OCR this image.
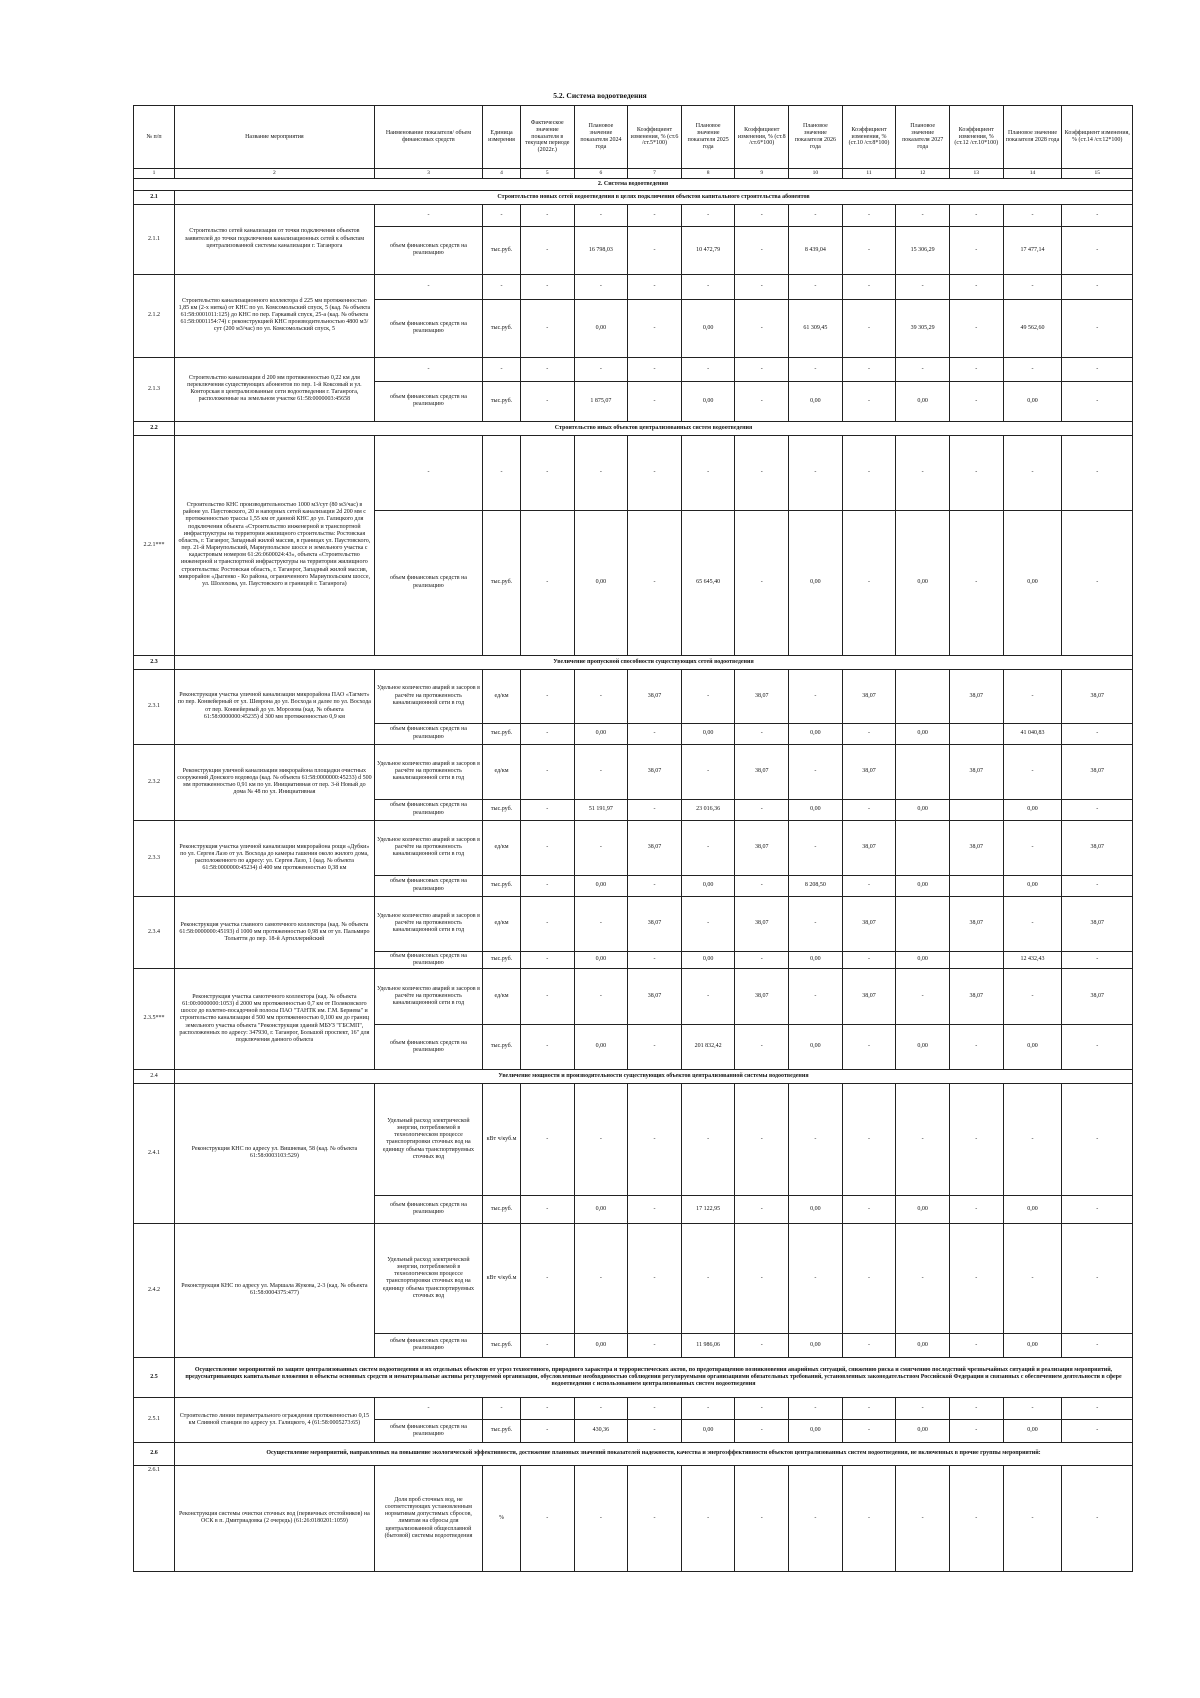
5.2. Система водоотведения
№ п/п	Название мероприятия	Наименование показателя/ объем финансовых средств	Единица измерения	Фактическое значение показателя в текущем периоде (2022г.)	Плановое значение показателя 2024 года	Коэффициент изменения, % (ст.6 /ст.5*100)	Плановое значение показателя 2025 года	Коэффициент изменения, % (ст.8 /ст.6*100)	Плановое значение показателя 2026 года	Коэффициент изменения, % (ст.10 /ст.8*100)	Плановое значение показателя 2027 года	Коэффициент изменения, % (ст.12 /ст.10*100)	Плановое значение показателя 2028 года	Коэффициент изменения, % (ст.14 /ст.12*100)
1	2	3	4	5	6	7	8	9	10	11	12	13	14	15
2. Система водоотведения														
2.1	Строительство новых сетей водоотведения в целях подключения объектов капитального строительства абонентов													
2.1.1	Строительство сетей канализации от точки подключения объектов заявителей до точки подключения канализационных сетей к объектам централизованной системы канализации г. Таганрога	-	-	-	-	-	-	-	-	-	-	-	-	-
		объем финансовых средств на реализацию	тыс.руб.	-	16 798,03	-	10 472,79	-	8 439,04	-	15 306,29	-	17 477,14	-
2.1.2	Строительство канализационного коллектора d 225 мм протяженностью 1,85 км (2-х нитка) от КНС по ул. Комсомольский спуск, 5 (кад. № объекта 61:58:0001011:125) до КНС по пер. Гаркавый спуск, 25-а (кад. № объекта 61:58:0001154:74) с реконструкцией КНС производительностью 4800 м3/сут (200 м3/час) по ул. Комсомольский спуск, 5	-	-	-	-	-	-	-	-	-	-	-	-	-
		объем финансовых средств на реализацию	тыс.руб.	-	0,00	-	0,00	-	61 309,45	-	39 305,29	-	49 562,60	-
2.1.3	Строительство канализации d 200 мм протяженностью 0,22 км для переключения существующих абонентов по пер. 1-й Коксовый и ул. Конторская в централизованные сети водоотведения г. Таганрога, расположенные на земельном участке 61:58:0000003:45658	-	-	-	-	-	-	-	-	-	-	-	-	-
		объем финансовых средств на реализацию	тыс.руб.	-	1 875,07	-	0,00	-	0,00	-	0,00	-	0,00	-
2.2	Строительство иных объектов централизованных систем водоотведения													
2.2.1***	Строительство КНС производительностью 1000 м3/сут (80 м3/час) в районе ул. Паустовского, 20 и напорных сетей канализации 2d 200 мм с протяженностью трассы 1,55 км от данной КНС до ул. Галицкого для подключения объекта «Строительство инженерной и транспортной инфраструктуры на территории жилищного строительства: Ростовская область, г. Таганрог, Западный жилой массив, в границах ул. Паустовского, пер. 21-й Мариупольский, Мариупольское шоссе и земельного участка с кадастровым номером 61:26:0600024:43», объекта «Строительство инженерной и транспортной инфраструктуры на территории жилищного строительства: Ростовская область, г. Таганрог, Западный жилой массив, микрорайон «Дыгенко - Ко района, ограниченного Мариупольским шоссе, ул. Шолохова, ул. Паустовского и границей г. Таганрога)	-	-	-	-	-	-	-	-	-	-	-	-	-
		объем финансовых средств на реализацию	тыс.руб.	-	0,00	-	65 645,40	-	0,00	-	0,00	-	0,00	-
2.3	Увеличение пропускной способности существующих сетей водоотведения													
2.3.1	Реконструкция участка уличной канализации микрорайона ПАО «Тагмет» по пер. Конвейерный от ул. Шеврона до ул. Восхода и далее по ул. Восхода от пер. Конвейерный до ул. Морозова (кад. № объекта 61:58:0000000:45235) d 300 мм протяженностью 0,9 км	Удельное количество аварий и засоров в расчёте на протяженность канализационной сети в год	ед/км	-	-	38,07	-	38,07	-	38,07		38,07	-	38,07
		объем финансовых средств на реализацию	тыс.руб.	-	0,00	-	0,00	-	0,00	-	0,00		41 040,83	-
2.3.2	Реконструкция уличной канализации микрорайона площадки очистных сооружений Донского водовода (кад. № объекта 61:58:0000000:45233) d 500 мм протяженностью 0,91 км по ул. Инициативная от пер. 3-й Новый до дома № 48 по ул. Инициативная	Удельное количество аварий и засоров в расчёте на протяженность канализационной сети в год	ед/км	-	-	38,07	-	38,07	-	38,07		38,07	-	38,07
		объем финансовых средств на реализацию	тыс.руб.	-	51 191,97	-	23 016,36	-	0,00	-	0,00		0,00	-
2.3.3	Реконструкция участка уличной канализации микрорайона рощи «Дубки» по ул. Сергея Лазо от ул. Восхода до камеры гашения около жилого дома, расположенного по адресу: ул. Сергея Лазо, 1 (кад. № объекта 61:58:0000000:45234) d 400 мм протяженностью 0,38 км	Удельное количество аварий и засоров в расчёте на протяженность канализационной сети в год	ед/км	-	-	38,07	-	38,07	-	38,07		38,07	-	38,07
		объем финансовых средств на реализацию	тыс.руб.	-	0,00	-	0,00	-	8 208,50	-	0,00		0,00	-
2.3.4	Реконструкция участка главного самотечного коллектора (кад. № объекта 61:58:0000000:45193) d 1000 мм протяженностью 0,98 км от ул. Пальмиро Тольятти до пер. 18-й Артиллерийский	Удельное количество аварий и засоров в расчёте на протяженность канализационной сети в год	ед/км	-	-	38,07	-	38,07	-	38,07		38,07	-	38,07
		объем финансовых средств на реализацию	тыс.руб.	-	0,00	-	0,00	-	0,00	-	0,00		12 432,43	-
2.3.5***	Реконструкция участка самотечного коллектора (кад. № объекта 61:00:0000000:1053) d 2000 мм протяженностью 0,7 км от Поляковского шоссе до взлетно-посадочной полосы ПАО "ТАНТК им. Г.М. Бериева" и строительство канализации d 500 мм протяженностью 0,100 км до границ земельного участка объекта "Реконструкция зданий МБУЗ "ГБСМП", расположенных по адресу: 347930, г. Таганрог, Большой проспект, 16" для подключения данного объекта	Удельное количество аварий и засоров в расчёте на протяженность канализационной сети в год	ед/км	-	-	38,07	-	38,07	-	38,07	-	38,07	-	38,07
		объем финансовых средств на реализацию	тыс.руб.	-	0,00	-	201 832,42	-	0,00	-	0,00	-	0,00	-
2.4	Увеличение мощности и производительности существующих объектов централизованной системы водоотведения													
2.4.1	Реконструкция КНС по адресу ул. Вишневая, 58 (кад. № объекта 61:58:0003103:529)	Удельный расход электрической энергии, потребляемой в технологическом процессе транспортировки сточных вод на единицу объема транспортируемых сточных вод	кВт ч/куб.м	-	-	-	-	-	-	-	-	-	-	-
		объем финансовых средств на реализацию	тыс.руб.	-	0,00	-	17 122,95	-	0,00	-	0,00	-	0,00	-
2.4.2	Реконструкция КНС по адресу ул. Маршала Жукова, 2-3 (кад. № объекта 61:58:0004375:477)	Удельный расход электрической энергии, потребляемой в технологическом процессе транспортировки сточных вод на единицу объема транспортируемых сточных вод	кВт ч/куб.м	-	-	-	-	-	-	-	-	-	-	-
		объем финансовых средств на реализацию	тыс.руб.	-	0,00	-	11 986,06	-	0,00	-	0,00	-	0,00	-
2.5	Осуществление мероприятий по защите централизованных систем водоотведения и их отдельных объектов от угроз техногенного, природного характера и террористических актов, по предотвращению возникновения аварийных ситуаций, снижению риска и смягчению последствий чрезвычайных ситуаций и реализация мероприятий, предусматривающих капитальные вложения в объекты основных средств и нематериальные активы регулируемой организации, обусловленные необходимостью соблюдения регулируемыми организациями обязательных требований, установленных законодательством Российской Федерации и связанных с обеспечением деятельности в сфере водоотведения с использованием централизованных систем водоотведения													
2.5.1	Строительство линии периметрального ограждения протяженностью 0,15 км Сливной станции по адресу ул. Галицкого, 4 (61:58:0005273:65)	-	-	-	-	-	-	-	-	-	-	-	-	-
		объем финансовых средств на реализацию	тыс.руб.	-	430,36	-	0,00	-	0,00	-	0,00	-	0,00	-
2.6	Осуществление мероприятий, направленных на повышение экологической эффективности, достижение плановых значений показателей надежности, качества и энергоэффективности объектов централизованных систем водоотведения, не включенных в прочие группы мероприятий:													
2.6.1	Реконструкция системы очистки сточных вод (первичных отстойников) на ОСК в п. Дмитриадовка (2 очередь) (61:26:0180201:1059)	Доля проб сточных вод, не соответствующих установленным нормативам допустимых сбросов, лимитам на сбросы для централизованной общесплавной (бытовой) системы водоотведения	%	-	-	-	-	-	-	-	-	-	-	-
